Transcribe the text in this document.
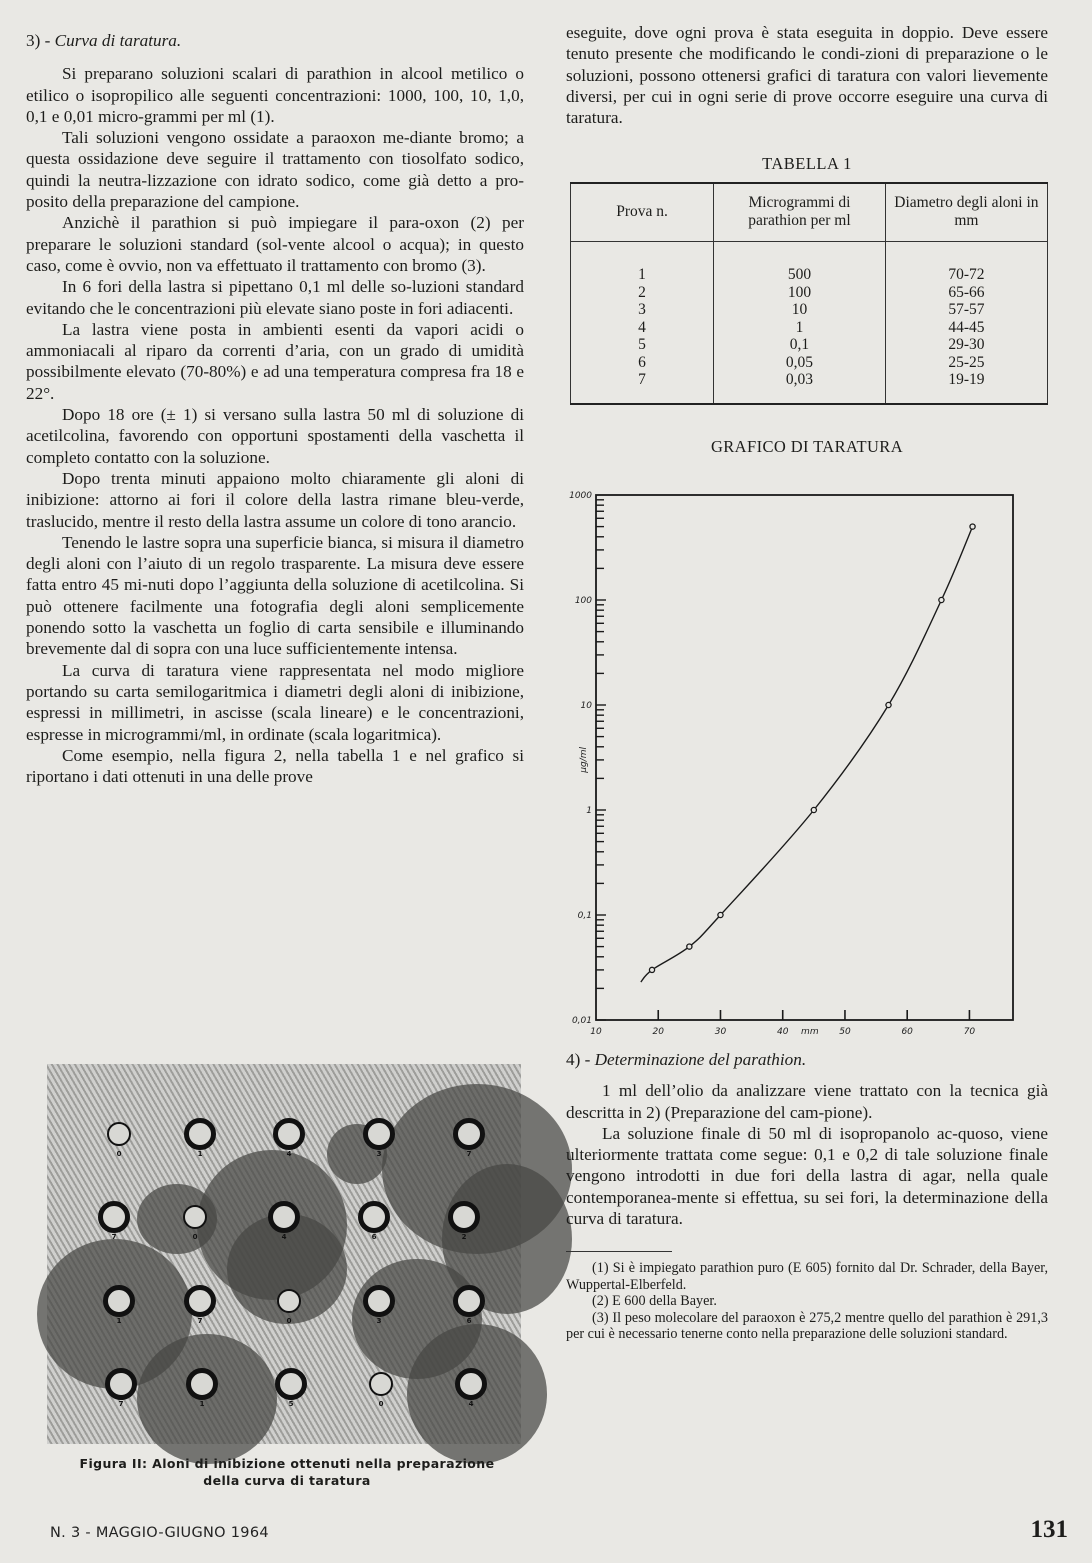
3) - Curva di taratura.

Si preparano soluzioni scalari di parathion in alcool metilico o etilico o isopropilico alle seguenti concentrazioni: 1000, 100, 10, 1,0, 0,1 e 0,01 micro-grammi per ml (1).

Tali soluzioni vengono ossidate a paraoxon me-diante bromo; a questa ossidazione deve seguire il trattamento con tiosolfato sodico, quindi la neutra-lizzazione con idrato sodico, come già detto a pro-posito della preparazione del campione.

Anzichè il parathion si può impiegare il para-oxon (2) per preparare le soluzioni standard (sol-vente alcool o acqua); in questo caso, come è ovvio, non va effettuato il trattamento con bromo (3).

In 6 fori della lastra si pipettano 0,1 ml delle so-luzioni standard evitando che le concentrazioni più elevate siano poste in fori adiacenti.

La lastra viene posta in ambienti esenti da vapori acidi o ammoniacali al riparo da correnti d’aria, con un grado di umidità possibilmente elevato (70-80%) e ad una temperatura compresa fra 18 e 22°.

Dopo 18 ore (± 1) si versano sulla lastra 50 ml di soluzione di acetilcolina, favorendo con opportuni spostamenti della vaschetta il completo contatto con la soluzione.

Dopo trenta minuti appaiono molto chiaramente gli aloni di inibizione: attorno ai fori il colore della lastra rimane bleu-verde, traslucido, mentre il resto della lastra assume un colore di tono arancio.

Tenendo le lastre sopra una superficie bianca, si misura il diametro degli aloni con l’aiuto di un regolo trasparente. La misura deve essere fatta entro 45 mi-nuti dopo l’aggiunta della soluzione di acetilcolina. Si può ottenere facilmente una fotografia degli aloni semplicemente ponendo sotto la vaschetta un foglio di carta sensibile e illuminando brevemente dal di sopra con una luce sufficientemente intensa.

La curva di taratura viene rappresentata nel modo migliore portando su carta semilogaritmica i diametri degli aloni di inibizione, espressi in millimetri, in ascisse (scala lineare) e le concentrazioni, espresse in microgrammi/ml, in ordinate (scala logaritmica).

Come esempio, nella figura 2, nella tabella 1 e nel grafico si riportano i dati ottenuti in una delle prove

0	1	4	3	7
7	0	4	6	2
1	7	0	3	6
7	1	5	0	4
Figura II: Aloni di inibizione ottenuti nella preparazione
della curva di taratura

eseguite, dove ogni prova è stata eseguita in doppio. Deve essere tenuto presente che modificando le condi-zioni di preparazione o le soluzioni, possono ottenersi grafici di taratura con valori lievemente diversi, per cui in ogni serie di prove occorre eseguire una curva di taratura.

TABELLA 1
Prova n.	Microgrammi di parathion per ml	Diametro degli aloni in mm
1	500	70-72
2	100	65-66
3	10	57-57
4	1	44-45
5	0,1	29-30
6	0,05	25-25
7	0,03	19-19
GRAFICO DI TARATURA
0,01
0,1
1
10
100
1000
10	20	30	40	50	60	70
mm
µg/ml

4) - Determinazione del parathion.

1 ml dell’olio da analizzare viene trattato con la tecnica già descritta in 2) (Preparazione del cam-pione).

La soluzione finale di 50 ml di isopropanolo ac-quoso, viene ulteriormente trattata come segue: 0,1 e 0,2 di tale soluzione finale vengono introdotti in due fori della lastra di agar, nella quale contemporanea-mente si effettua, su sei fori, la determinazione della curva di taratura.

(1) Si è impiegato parathion puro (E 605) fornito dal Dr. Schrader, della Bayer, Wuppertal-Elberfeld.

(2) E 600 della Bayer.

(3) Il peso molecolare del paraoxon è 275,2 mentre quello del parathion è 291,3 per cui è necessario tenerne conto nella preparazione delle soluzioni standard.

N. 3 - MAGGIO-GIUGNO 1964	131
